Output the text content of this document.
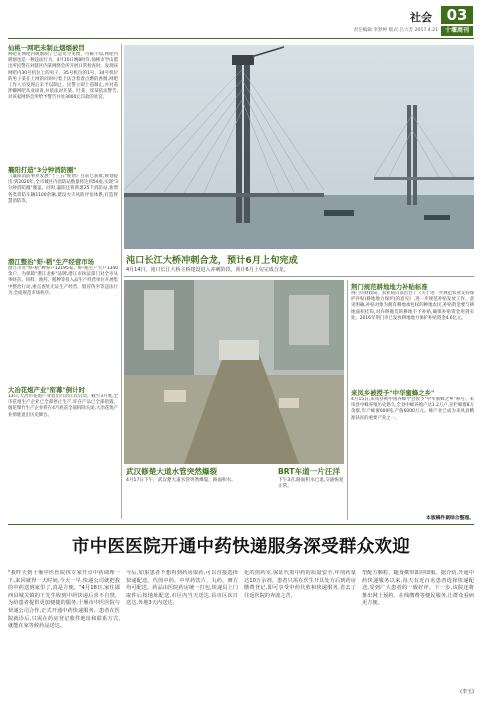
社会 03
十堰周刊
责任编辑:李梦婷 版式:吕大芳 2017.4.21
仙桃一网吧未制止烟烟被罚
网吧在网吧内吸烟制了已是司空见惯，可稀不知,网吧内吸烟也是一种违法行为。4月10日晚8时许,仙桃市学山派出所民警在对辖区内某网络会所开展日常检查时，发现该网吧内30号机位上的男子，35号机位的1号、34号机位的男子某在上网的同时叼着上法含着着点燃的香烟,网吧工作人员发现后未予以制止。民警立即上前制止,并对前涉嫌网吧从业谈说,并依法对开某、吐某、崔某依法警告,对该家网络会所给予警告并处3000元罚款的处罚。
襄阳打造"3分钟消防圈"
《襄阳消防事业发展"十三五"规划》目前已获批,规划提出:到2020年,全市城区内消防站数量将达到54座,实现"3分钟消防圈"覆盖。同时,襄阳还将新建25个消防站,新增各类消防车辆1100余辆,建设火灾风险评估体系,打造智慧消防等。
潜江整治"虾-稻"生产经营市场
潜江市有"虾-稻"种养户12195家、虾-稻生产大户1340余户。为保障"潜江龙虾"品牌,潜江市执法部门对全市从事虾苗、饲料、渔药、稻种等投入品生产经营单位开展集中整治行动,重点查处无证生产经营、假冒伪劣等违法行为,全面规范市场秩序。
大冶花炮产业"衔幕"倒计时
13日,大冶市花炮产业退出行动正式启动。截至3月底,全市花炮生产企业已全部停止生产,库存产品已全部销毁。烟花爆竹生产企业将在4月底前全部拆除关闭,大冶花炮产业彻底退出历史舞台。
沌口长江大桥冲刺合龙，预计6月上旬完成
4月14日，沌口长江大桥主桥建设进入冲刺阶段，预计6月上旬完成合龙。
武汉修楚大道水管突然爆裂
4月17日下午，武汉楚大道水管突然爆裂，路面积水。
BRT车道一片汪洋
下午3点,路面积水已退,交通恢复正常。
荆门规范耕地地力补贴标准
荆门市财政局、农业局日前出台了《关于进一步规范农业支持保护补贴(耕地地力保护)的意见》,进一步规范补贴发放工作。意见明确,补贴对象为拥有耕地承包权的种地农民,补贴资金要与耕地面积挂钩,对弃耕抛荒的耕地不予补贴,确保补贴资金用到实处。2016年荆门市已发放耕地地力保护补贴资金4.6亿元。
来凤乡被授予"中华蜜蜂之乡"
4月15日,来凤县被中国养蜂学会授予"中华蜜蜂之乡"称号。来凤县中蜂养殖历史悠久,全县中蜂养殖户达1.2万户,存栏蜂群8万余群,年产蜂蜜600吨,产值6000万元。蜂产业已成为来凤县精准扶贫的重要产业之一。
本版稿件据综合整理。
市中医医院开通中药快递服务深受群众欢迎
"我昨天到十堰中医医院找专家开点中药调理一下,来回就得一天时间,今天一早,快递公司就把我的中药送到家里了,真是方便。"4月18日,家住郧西县城关镇的王先生收到中药快递后喜不自禁。为给患者提供更加便捷的服务,十堰市中医医院与快递公司合作,正式开通中药快递服务。患者在医院就诊后,只需在药房登记收件地址和联系方式,就能在家等候药品送达。
今后,如果患者不想再到药房取药,可以直接选择快递配送。代煎中药、中草药饮片、丸药、膏方均可配送。药品由医院药房统一打包,快递员上门取件后按地址配送,市区内当天送达,县市区次日送达,外地3天内送达。
化的煎药室,保证代煎中药的质量安全,年煎药量达10万余剂。患者只需在医生开具处方后到药房缴费登记,即可享受中药代煎和快递服务,省去了往返医院的奔波之苦。
型配方颗粒、随身携带即冲即服。据介绍,开通中药快递服务以来,每天有近百名患者选择快递配送,受到广大患者的一致好评。下一步,该院还将推出网上预约、在线缴费等便民服务,让群众看病更方便。
(李玉)
